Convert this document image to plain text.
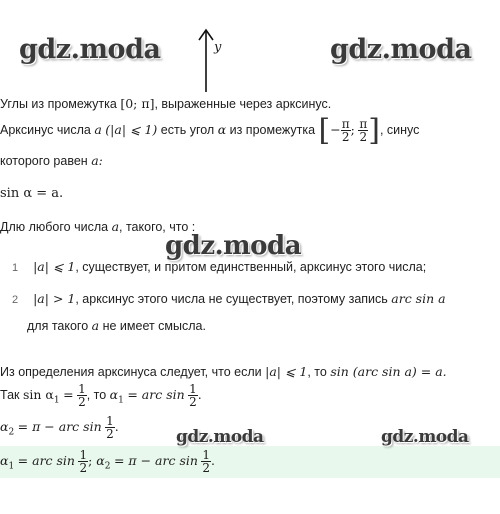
gdz.moda	gdz.moda
gdz.moda
gdz.moda	gdz.moda
y
Углы из промежутка [0; π], выраженные через арксинус.
Арксинус числа a (|a| ⩽ 1) есть угол α из промежутка [− $\frac{\pi}{2}$ ; $\frac{\pi}{2}$ ], синус
которого равен a:
sin α = a.
Длю любого числа a, такого, что :
1 |a| ⩽ 1, существует, и притом единственный, арксинус этого числа;
2 |a| > 1, арксинус этого числа не существует, поэтому запись arc sin a
для такого a не имеет смысла.
Из определения арксинуса следует, что если |a| ⩽ 1, то sin (arc sin a) = a.
Так $\sin \alpha_1 = \frac{1}{2}$ , то $\alpha_1$ = arc $\sin \frac{1}{2}$ .
$\alpha_2 = \pi$ − arc $\sin \frac{1}{2}$ .
$\alpha_1$ = arc $\sin \frac{1}{2}$ ; $\alpha_2 = \pi$ − arc $\sin \frac{1}{2}$ .
